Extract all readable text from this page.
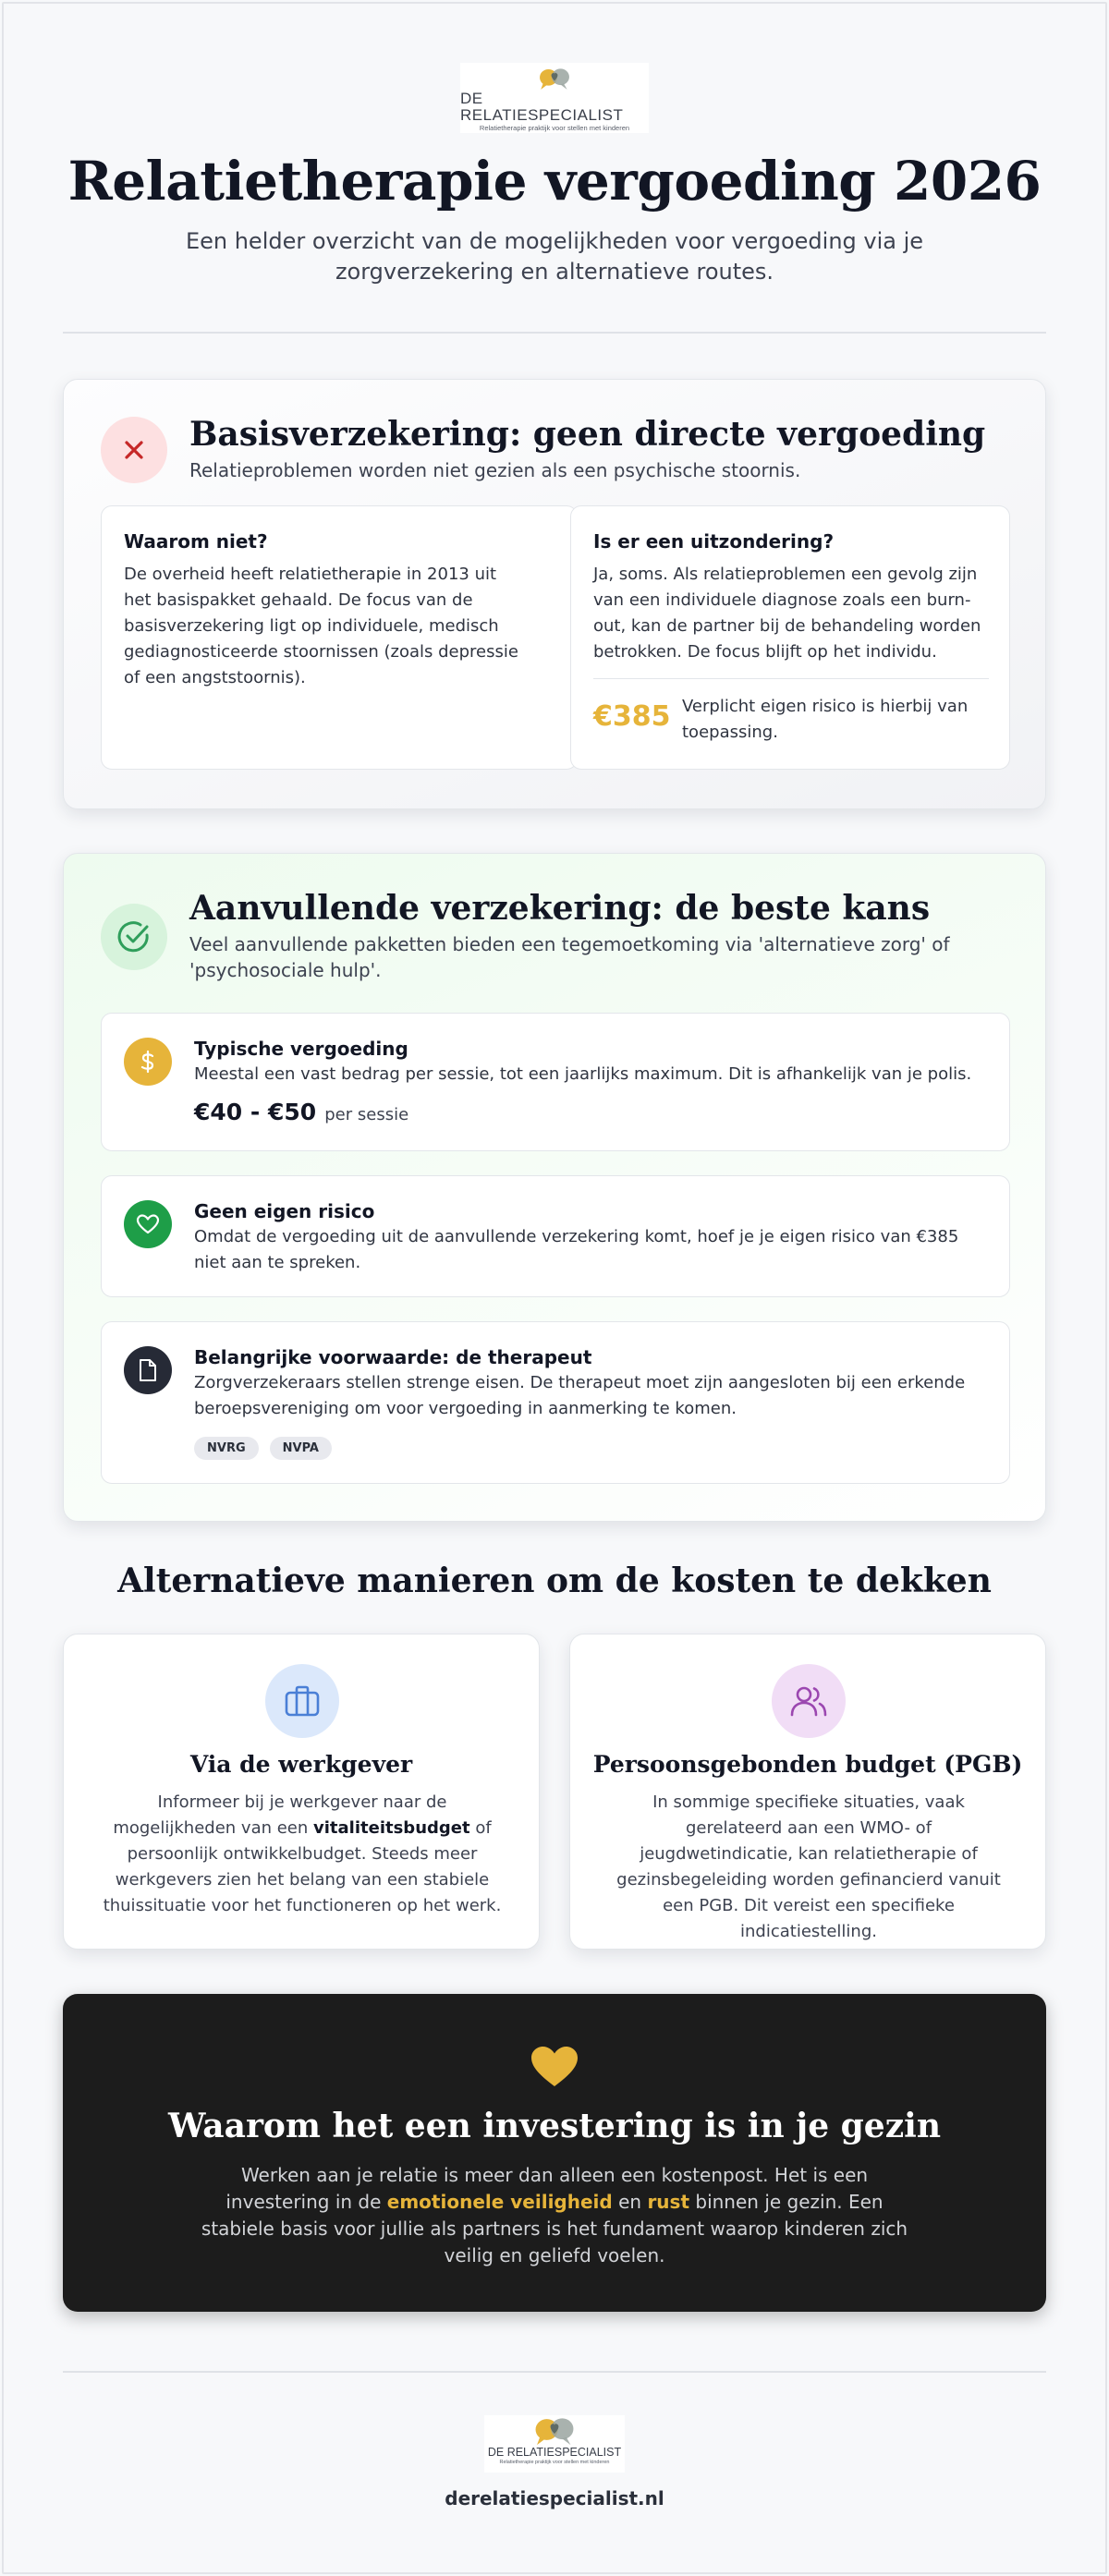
DE RELATIESPECIALIST
Relatietherapie praktijk voor stellen met kinderen
Relatietherapie vergoeding 2026

Een helder overzicht van de mogelijkheden voor vergoeding via je zorgverzekering en alternatieve routes.

Basisverzekering: geen directe vergoeding

Relatieproblemen worden niet gezien als een psychische stoornis.

Waarom niet?

De overheid heeft relatietherapie in 2013 uit het basispakket gehaald. De focus van de basisverzekering ligt op individuele, medisch gediagnosticeerde stoornissen (zoals depressie of een angststoornis).

Is er een uitzondering?

Ja, soms. Als relatieproblemen een gevolg zijn van een individuele diagnose zoals een burn-out, kan de partner bij de behandeling worden betrokken. De focus blijft op het individu.

€385 Verplicht eigen risico is hierbij van toepassing.

Aanvullende verzekering: de beste kans

Veel aanvullende pakketten bieden een tegemoetkoming via 'alternatieve zorg' of 'psychosociale hulp'.

Typische vergoeding

Meestal een vast bedrag per sessie, tot een jaarlijks maximum. Dit is afhankelijk van je polis.

€40 - €50 per sessie
Geen eigen risico

Omdat de vergoeding uit de aanvullende verzekering komt, hoef je je eigen risico van €385 niet aan te spreken.

Belangrijke voorwaarde: de therapeut

Zorgverzekeraars stellen strenge eisen. De therapeut moet zijn aangesloten bij een erkende beroepsvereniging om voor vergoeding in aanmerking te komen.

NVRG	NVPA
Alternatieve manieren om de kosten te dekken
Via de werkgever

Informeer bij je werkgever naar de mogelijkheden van een vitaliteitsbudget of persoonlijk ontwikkelbudget. Steeds meer werkgevers zien het belang van een stabiele thuissituatie voor het functioneren op het werk.

Persoonsgebonden budget (PGB)

In sommige specifieke situaties, vaak gerelateerd aan een WMO- of jeugdwetindicatie, kan relatietherapie of gezinsbegeleiding worden gefinancierd vanuit een PGB. Dit vereist een specifieke indicatiestelling.

Waarom het een investering is in je gezin

Werken aan je relatie is meer dan alleen een kostenpost. Het is een investering in de emotionele veiligheid en rust binnen je gezin. Een stabiele basis voor jullie als partners is het fundament waarop kinderen zich veilig en geliefd voelen.

DE RELATIESPECIALIST
Relatietherapie praktijk voor stellen met kinderen
derelatiespecialist.nl
